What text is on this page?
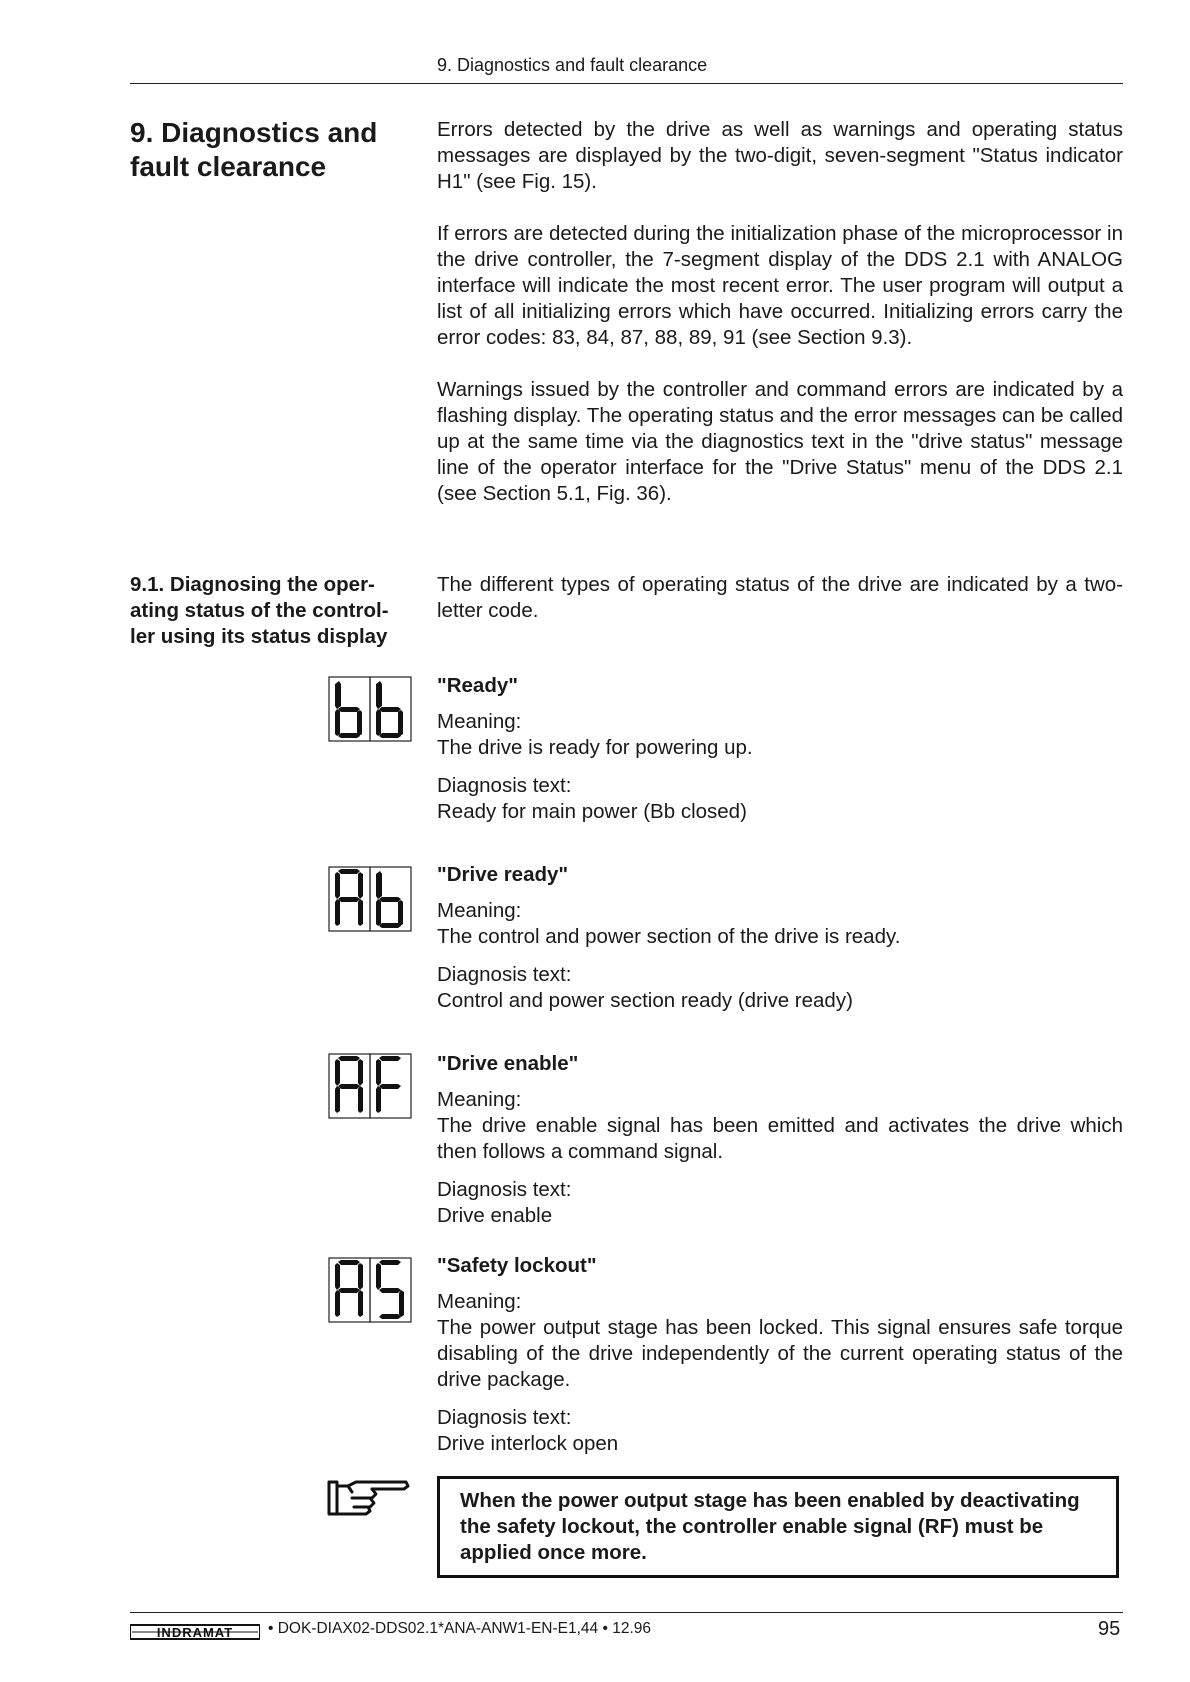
9. Diagnostics and fault clearance
9. Diagnostics and
fault clearance

Errors detected by the drive as well as warnings and operating status messages are displayed by the two-digit, seven-segment "Status indicator H1" (see Fig. 15).

If errors are detected during the initialization phase of the microprocessor in the drive controller, the 7-segment display of the DDS 2.1 with ANALOG interface will indicate the most recent error. The user program will output a list of all initializing errors which have occurred. Initializing errors carry the error codes: 83, 84, 87, 88, 89, 91 (see Section 9.3).

Warnings issued by the controller and command errors are indicated by a flashing display. The operating status and the error messages can be called up at the same time via the diagnostics text in the "drive status" message line of the operator interface for the "Drive Status" menu of the DDS 2.1 (see Section 5.1, Fig. 36).

9.1. Diagnosing the oper-
ating status of the control-
ler using its status display

The different types of operating status of the drive are indicated by a two-letter code.

"Ready"
Meaning:
The drive is ready for powering up.
Diagnosis text:
Ready for main power (Bb closed)
"Drive ready"
Meaning:
The control and power section of the drive is ready.
Diagnosis text:
Control and power section ready (drive ready)
"Drive enable"
Meaning:
The drive enable signal has been emitted and activates the drive which then follows a command signal.
Diagnosis text:
Drive enable
"Safety lockout"
Meaning:
The power output stage has been locked. This signal ensures safe torque disabling of the drive independently of the current operating status of the drive package.
Diagnosis text:
Drive interlock open
When the power output stage has been enabled by deactivating the safety lockout, the controller enable signal (RF) must be applied once more.
INDRAMAT • DOK-DIAX02-DDS02.1*ANA-ANW1-EN-E1,44 • 12.96	95
